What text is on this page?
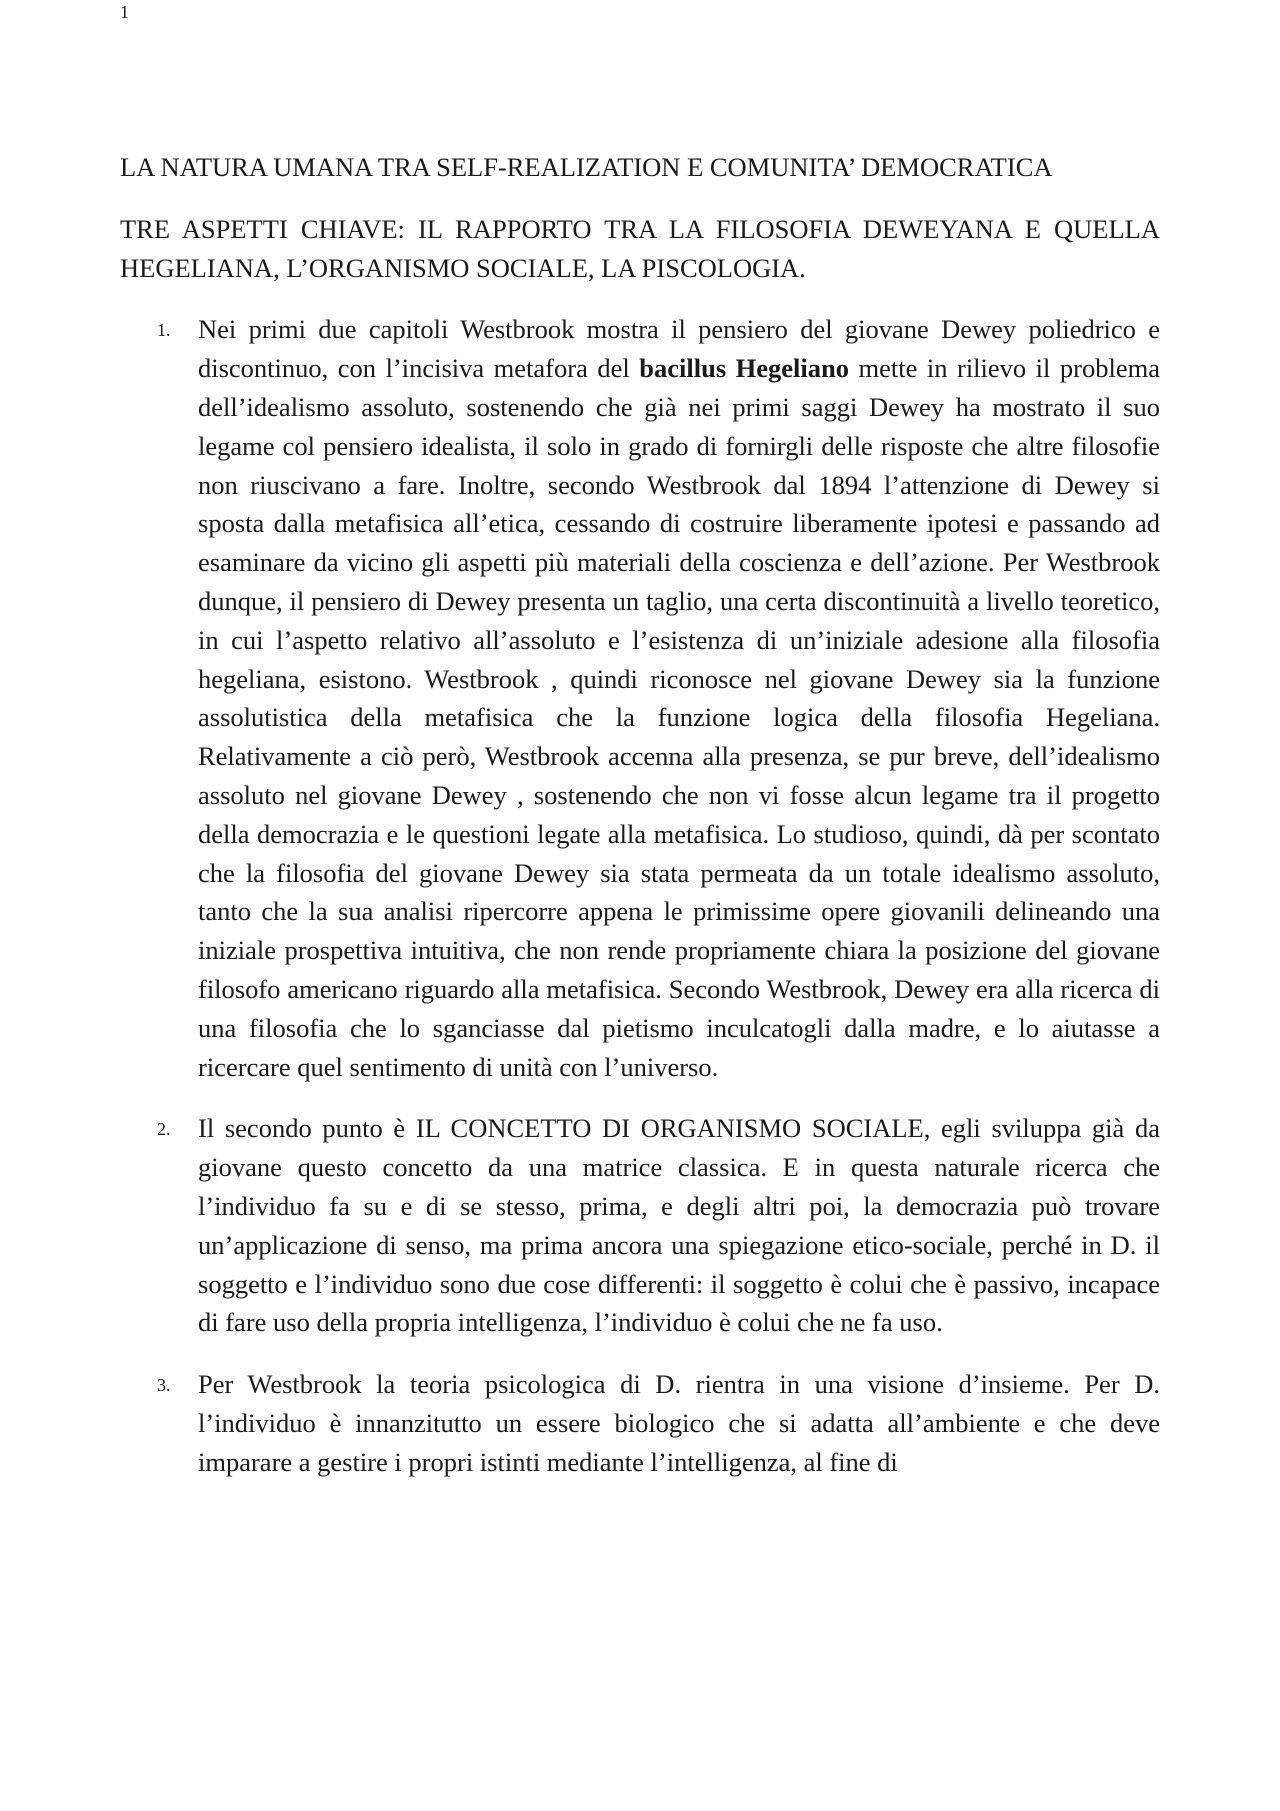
1
LA NATURA UMANA TRA SELF-REALIZATION E COMUNITA’ DEMOCRATICA

TRE ASPETTI CHIAVE: IL RAPPORTO TRA LA FILOSOFIA DEWEYANA E QUELLA HEGELIANA, L’ORGANISMO SOCIALE, LA PISCOLOGIA.

1. Nei primi due capitoli Westbrook mostra il pensiero del giovane Dewey poliedrico e discontinuo, con l’incisiva metafora del bacillus Hegeliano mette in rilievo il problema dell’idealismo assoluto, sostenendo che già nei primi saggi Dewey ha mostrato il suo legame col pensiero idealista, il solo in grado di fornirgli delle risposte che altre filosofie non riuscivano a fare. Inoltre, secondo Westbrook dal 1894 l’attenzione di Dewey si sposta dalla metafisica all’etica, cessando di costruire liberamente ipotesi e passando ad esaminare da vicino gli aspetti più materiali della coscienza e dell’azione. Per Westbrook dunque, il pensiero di Dewey presenta un taglio, una certa discontinuità a livello teoretico, in cui l’aspetto relativo all’assoluto e l’esistenza di un’iniziale adesione alla filosofia hegeliana, esistono. Westbrook , quindi riconosce nel giovane Dewey sia la funzione assolutistica della metafisica che la funzione logica della filosofia Hegeliana. Relativamente a ciò però, Westbrook accenna alla presenza, se pur breve, dell’idealismo assoluto nel giovane Dewey , sostenendo che non vi fosse alcun legame tra il progetto della democrazia e le questioni legate alla metafisica. Lo studioso, quindi, dà per scontato che la filosofia del giovane Dewey sia stata permeata da un totale idealismo assoluto, tanto che la sua analisi ripercorre appena le primissime opere giovanili delineando una iniziale prospettiva intuitiva, che non rende propriamente chiara la posizione del giovane filosofo americano riguardo alla metafisica. Secondo Westbrook, Dewey era alla ricerca di una filosofia che lo sganciasse dal pietismo inculcatogli dalla madre, e lo aiutasse a ricercare quel sentimento di unità con l’universo.
2. Il secondo punto è IL CONCETTO DI ORGANISMO SOCIALE, egli sviluppa già da giovane questo concetto da una matrice classica. E in questa naturale ricerca che l’individuo fa su e di se stesso, prima, e degli altri poi, la democrazia può trovare un’applicazione di senso, ma prima ancora una spiegazione etico-sociale, perché in D. il soggetto e l’individuo sono due cose differenti: il soggetto è colui che è passivo, incapace di fare uso della propria intelligenza, l’individuo è colui che ne fa uso.
3. Per Westbrook la teoria psicologica di D. rientra in una visione d’insieme. Per D. l’individuo è innanzitutto un essere biologico che si adatta all’ambiente e che deve imparare a gestire i propri istinti mediante l’intelligenza, al fine di
